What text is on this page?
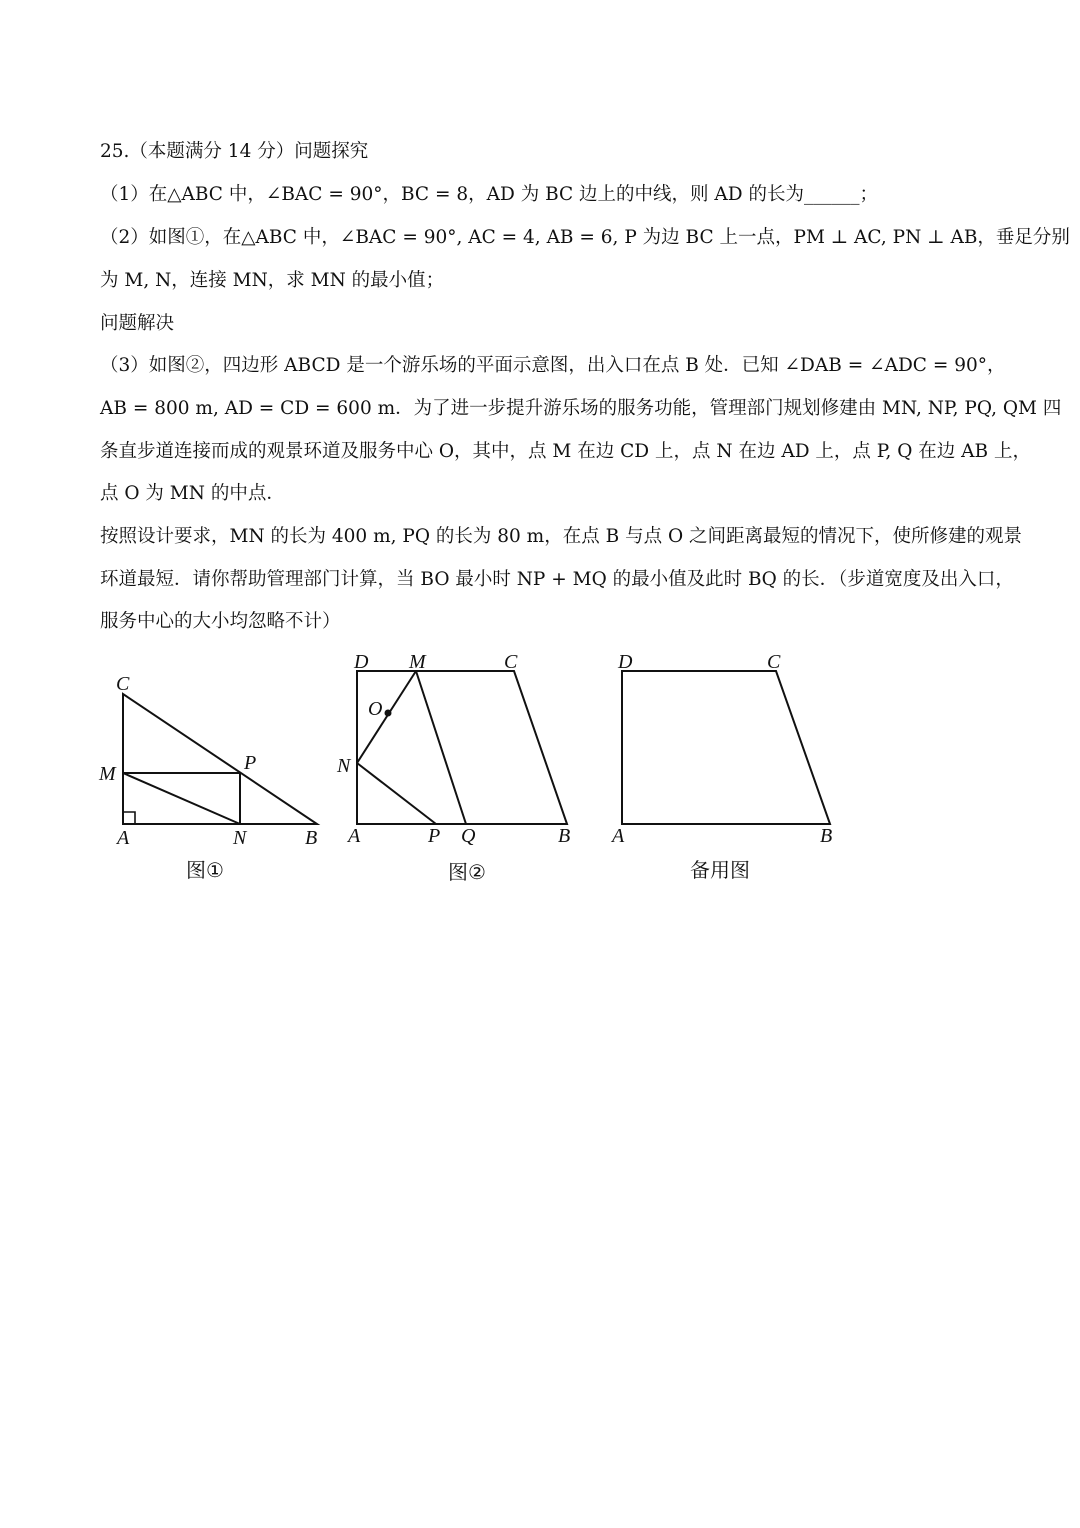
25.（本题满分 14 分）问题探究
（1）在△ABC 中，∠BAC = 90°，BC = 8，AD 为 BC 边上的中线，则 AD 的长为______；
（2）如图①，在△ABC 中，∠BAC = 90°, AC = 4, AB = 6, P 为边 BC 上一点，PM ⊥ AC, PN ⊥ AB，垂足分别
为 M, N，连接 MN，求 MN 的最小值；
问题解决
（3）如图②，四边形 ABCD 是一个游乐场的平面示意图，出入口在点 B 处．已知 ∠DAB = ∠ADC = 90°，
AB = 800 m, AD = CD = 600 m．为了进一步提升游乐场的服务功能，管理部门规划修建由 MN, NP, PQ, QM 四
条直步道连接而成的观景环道及服务中心 O，其中，点 M 在边 CD 上，点 N 在边 AD 上，点 P, Q 在边 AB 上，
点 O 为 MN 的中点．
按照设计要求，MN 的长为 400 m, PQ 的长为 80 m，在点 B 与点 O 之间距离最短的情况下，使所修建的观景
环道最短．请你帮助管理部门计算，当 BO 最小时 NP + MQ 的最小值及此时 BQ 的长．（步道宽度及出入口，
服务中心的大小均忽略不计）
C
M	P
A	N	B
图①
D M	C
O
N
A	P Q	B
图②
D	C
A	B
备用图
